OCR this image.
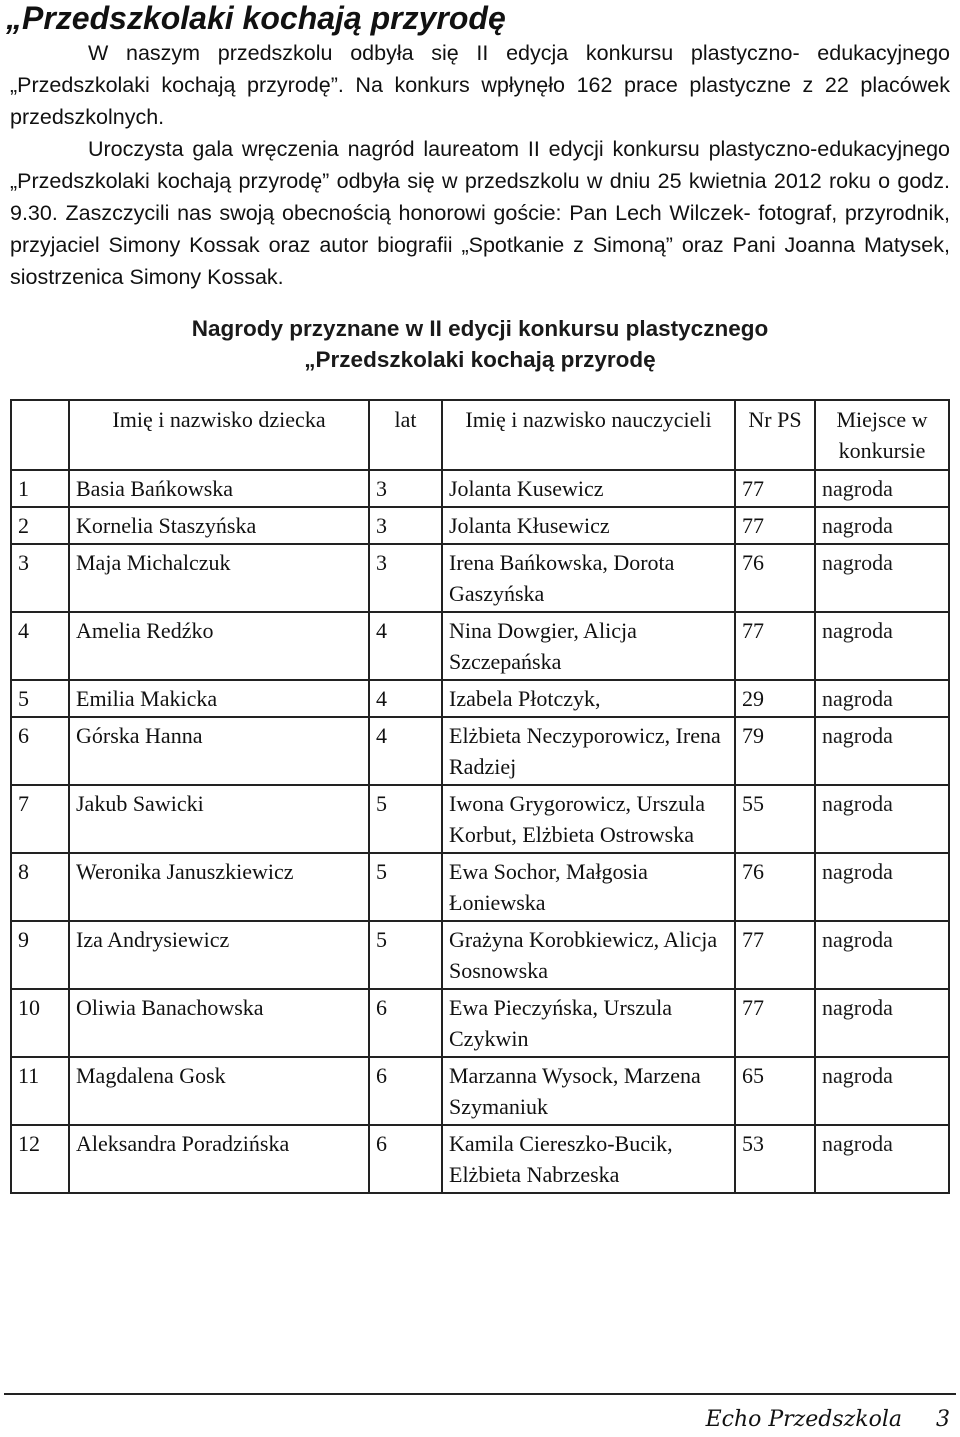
„Przedszkolaki kochają przyrodę
W naszym przedszkolu odbyła się II edycja konkursu plastyczno- edukacyjnego „Przedszkolaki kochają przyrodę”. Na konkurs wpłynęło 162 prace plastyczne z 22 placówek przedszkolnych.
Uroczysta gala wręczenia nagród laureatom II edycji konkursu plastyczno-edukacyjnego „Przedszkolaki kochają przyrodę” odbyła się w przedszkolu w dniu 25 kwietnia 2012 roku o godz. 9.30. Zaszczycili nas swoją obecnością honorowi goście: Pan Lech Wilczek- fotograf, przyrodnik, przyjaciel Simony Kossak oraz autor biografii „Spotkanie z Simoną” oraz Pani Joanna Matysek, siostrzenica Simony Kossak.
Nagrody przyznane w II edycji konkursu plastycznego
„Przedszkolaki kochają przyrodę
	Imię i nazwisko dziecka	lat	Imię i nazwisko nauczycieli	Nr PS	Miejsce w konkursie
1	Basia Bańkowska	3	Jolanta Kusewicz	77	nagroda
2	Kornelia Staszyńska	3	Jolanta Kłusewicz	77	nagroda
3	Maja Michalczuk	3	Irena Bańkowska, Dorota Gaszyńska	76	nagroda
4	Amelia Redźko	4	Nina Dowgier, Alicja Szczepańska	77	nagroda
5	Emilia Makicka	4	Izabela Płotczyk,	29	nagroda
6	Górska Hanna	4	Elżbieta Neczyporowicz, Irena Radziej	79	nagroda
7	Jakub Sawicki	5	Iwona Grygorowicz, Urszula Korbut, Elżbieta Ostrowska	55	nagroda
8	Weronika Januszkiewicz	5	Ewa Sochor, Małgosia Łoniewska	76	nagroda
9	Iza Andrysiewicz	5	Grażyna Korobkiewicz, Alicja Sosnowska	77	nagroda
10	Oliwia Banachowska	6	Ewa Pieczyńska, Urszula Czykwin	77	nagroda
11	Magdalena Gosk	6	Marzanna Wysock, Marzena Szymaniuk	65	nagroda
12	Aleksandra Poradzińska	6	Kamila Ciereszko-Bucik, Elżbieta Nabrzeska	53	nagroda
Echo Przedszkola 3
